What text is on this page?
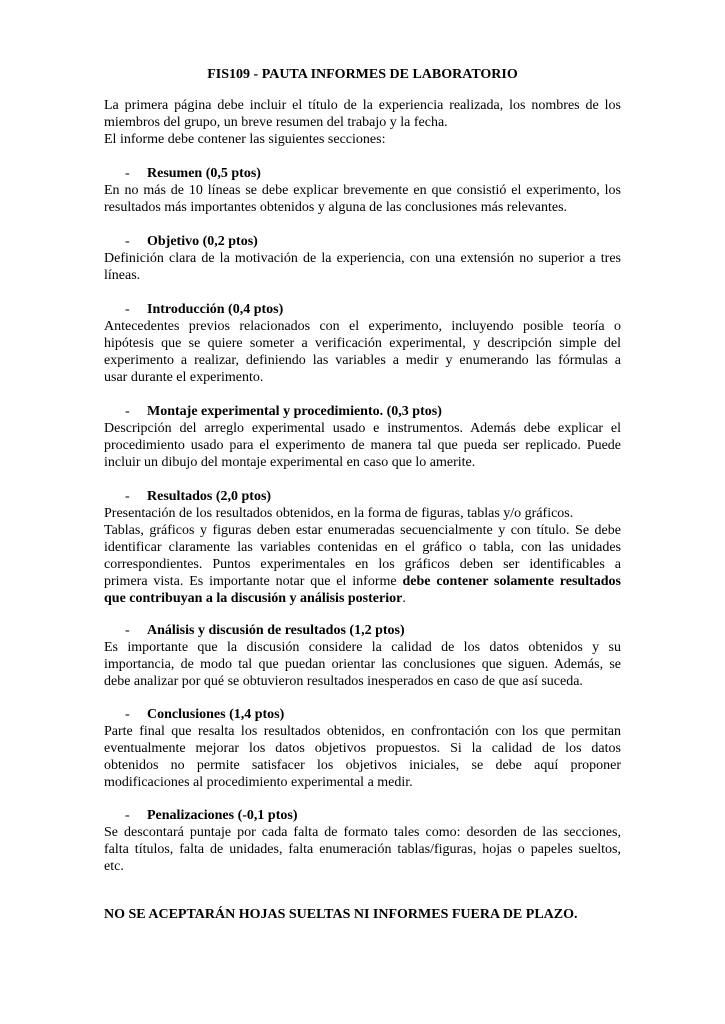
FIS109 - PAUTA INFORMES DE LABORATORIO

La primera página debe incluir el título de la experiencia realizada, los nombres de los
miembros del grupo, un breve resumen del trabajo y la fecha.
El informe debe contener las siguientes secciones:

- Resumen (0,5 ptos)

En no más de 10 líneas se debe explicar brevemente en que consistió el experimento, los
resultados más importantes obtenidos y alguna de las conclusiones más relevantes.

- Objetivo (0,2 ptos)

Definición clara de la motivación de la experiencia, con una extensión no superior a tres
líneas.

- Introducción (0,4 ptos)

Antecedentes previos relacionados con el experimento, incluyendo posible teoría o
hipótesis que se quiere someter a verificación experimental, y descripción simple del
experimento a realizar, definiendo las variables a medir y enumerando las fórmulas a
usar durante el experimento.

- Montaje experimental y procedimiento. (0,3 ptos)

Descripción del arreglo experimental usado e instrumentos. Además debe explicar el
procedimiento usado para el experimento de manera tal que pueda ser replicado. Puede
incluir un dibujo del montaje experimental en caso que lo amerite.

- Resultados (2,0 ptos)

Presentación de los resultados obtenidos, en la forma de figuras, tablas y/o gráficos.
Tablas, gráficos y figuras deben estar enumeradas secuencialmente y con título. Se debe
identificar claramente las variables contenidas en el gráfico o tabla, con las unidades
correspondientes. Puntos experimentales en los gráficos deben ser identificables a
primera vista. Es importante notar que el informe debe contener solamente resultados
que contribuyan a la discusión y análisis posterior.

- Análisis y discusión de resultados (1,2 ptos)

Es importante que la discusión considere la calidad de los datos obtenidos y su
importancia, de modo tal que puedan orientar las conclusiones que siguen. Además, se
debe analizar por qué se obtuvieron resultados inesperados en caso de que así suceda.

- Conclusiones (1,4 ptos)

Parte final que resalta los resultados obtenidos, en confrontación con los que permitan
eventualmente mejorar los datos objetivos propuestos. Si la calidad de los datos
obtenidos no permite satisfacer los objetivos iniciales, se debe aquí proponer
modificaciones al procedimiento experimental a medir.

- Penalizaciones (-0,1 ptos)

Se descontará puntaje por cada falta de formato tales como: desorden de las secciones,
falta títulos, falta de unidades, falta enumeración tablas/figuras, hojas o papeles sueltos,
etc.

NO SE ACEPTARÁN HOJAS SUELTAS NI INFORMES FUERA DE PLAZO.
